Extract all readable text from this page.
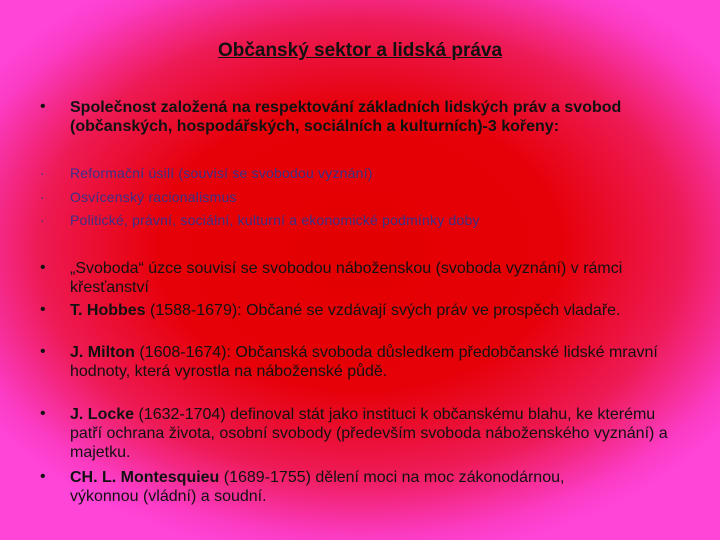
Občanský sektor a lidská práva
• Společnost založená na respektování základních lidských práv a svobod (občanských, hospodářských, sociálních a kulturních)-3 kořeny:
· Reformační úsilí (souvisí se svobodou vyznání)
· Osvícenský racionalismus
· Politické, právní, sociální, kulturní a ekonomické podmínky doby
• „Svoboda“ úzce souvisí se svobodou náboženskou (svoboda vyznání) v rámci křesťanství
• T. Hobbes (1588-1679): Občané se vzdávají svých práv ve prospěch vladaře.
• J. Milton (1608-1674): Občanská svoboda důsledkem předobčanské lidské mravní hodnoty, která vyrostla na náboženské půdě.
• J. Locke (1632-1704) definoval stát jako instituci k občanskému blahu, ke kterému patří ochrana života, osobní svobody (především svoboda náboženského vyznání) a majetku.
• CH. L. Montesquieu (1689-1755) dělení moci na moc zákonodárnou, výkonnou (vládní) a soudní.
